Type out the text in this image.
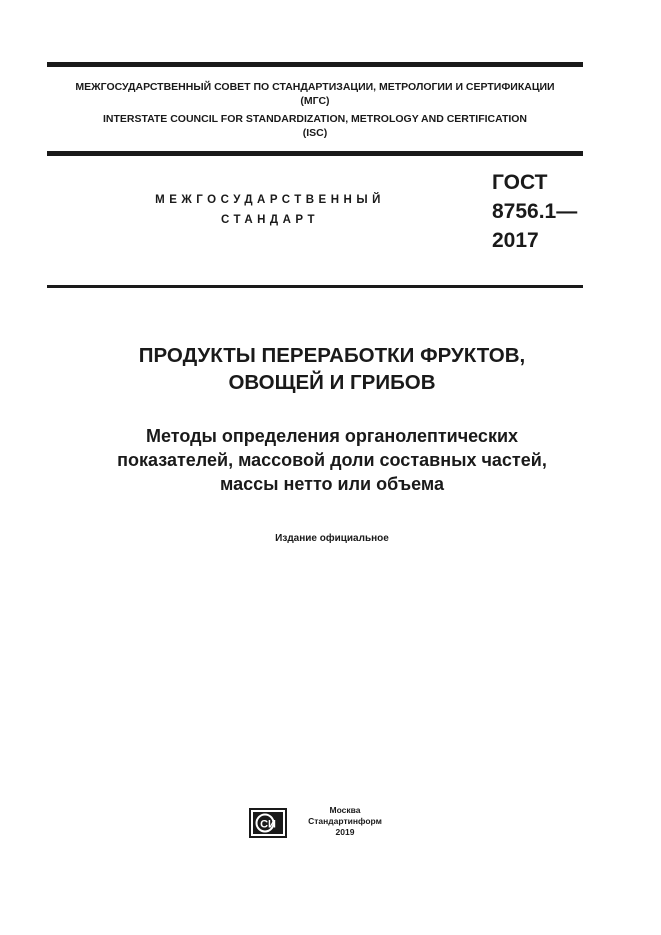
МЕЖГОСУДАРСТВЕННЫЙ СОВЕТ ПО СТАНДАРТИЗАЦИИ, МЕТРОЛОГИИ И СЕРТИФИКАЦИИ
(МГС)
INTERSTATE COUNCIL FOR STANDARDIZATION, METROLOGY AND CERTIFICATION
(ISC)
МЕЖГОСУДАРСТВЕННЫЙ
СТАНДАРТ
ГОСТ
8756.1—
2017
ПРОДУКТЫ ПЕРЕРАБОТКИ ФРУКТОВ,
ОВОЩЕЙ И ГРИБОВ
Методы определения органолептических
показателей, массовой доли составных частей,
массы нетто или объема
Издание официальное
СИ
Москва
Стандартинформ
2019
